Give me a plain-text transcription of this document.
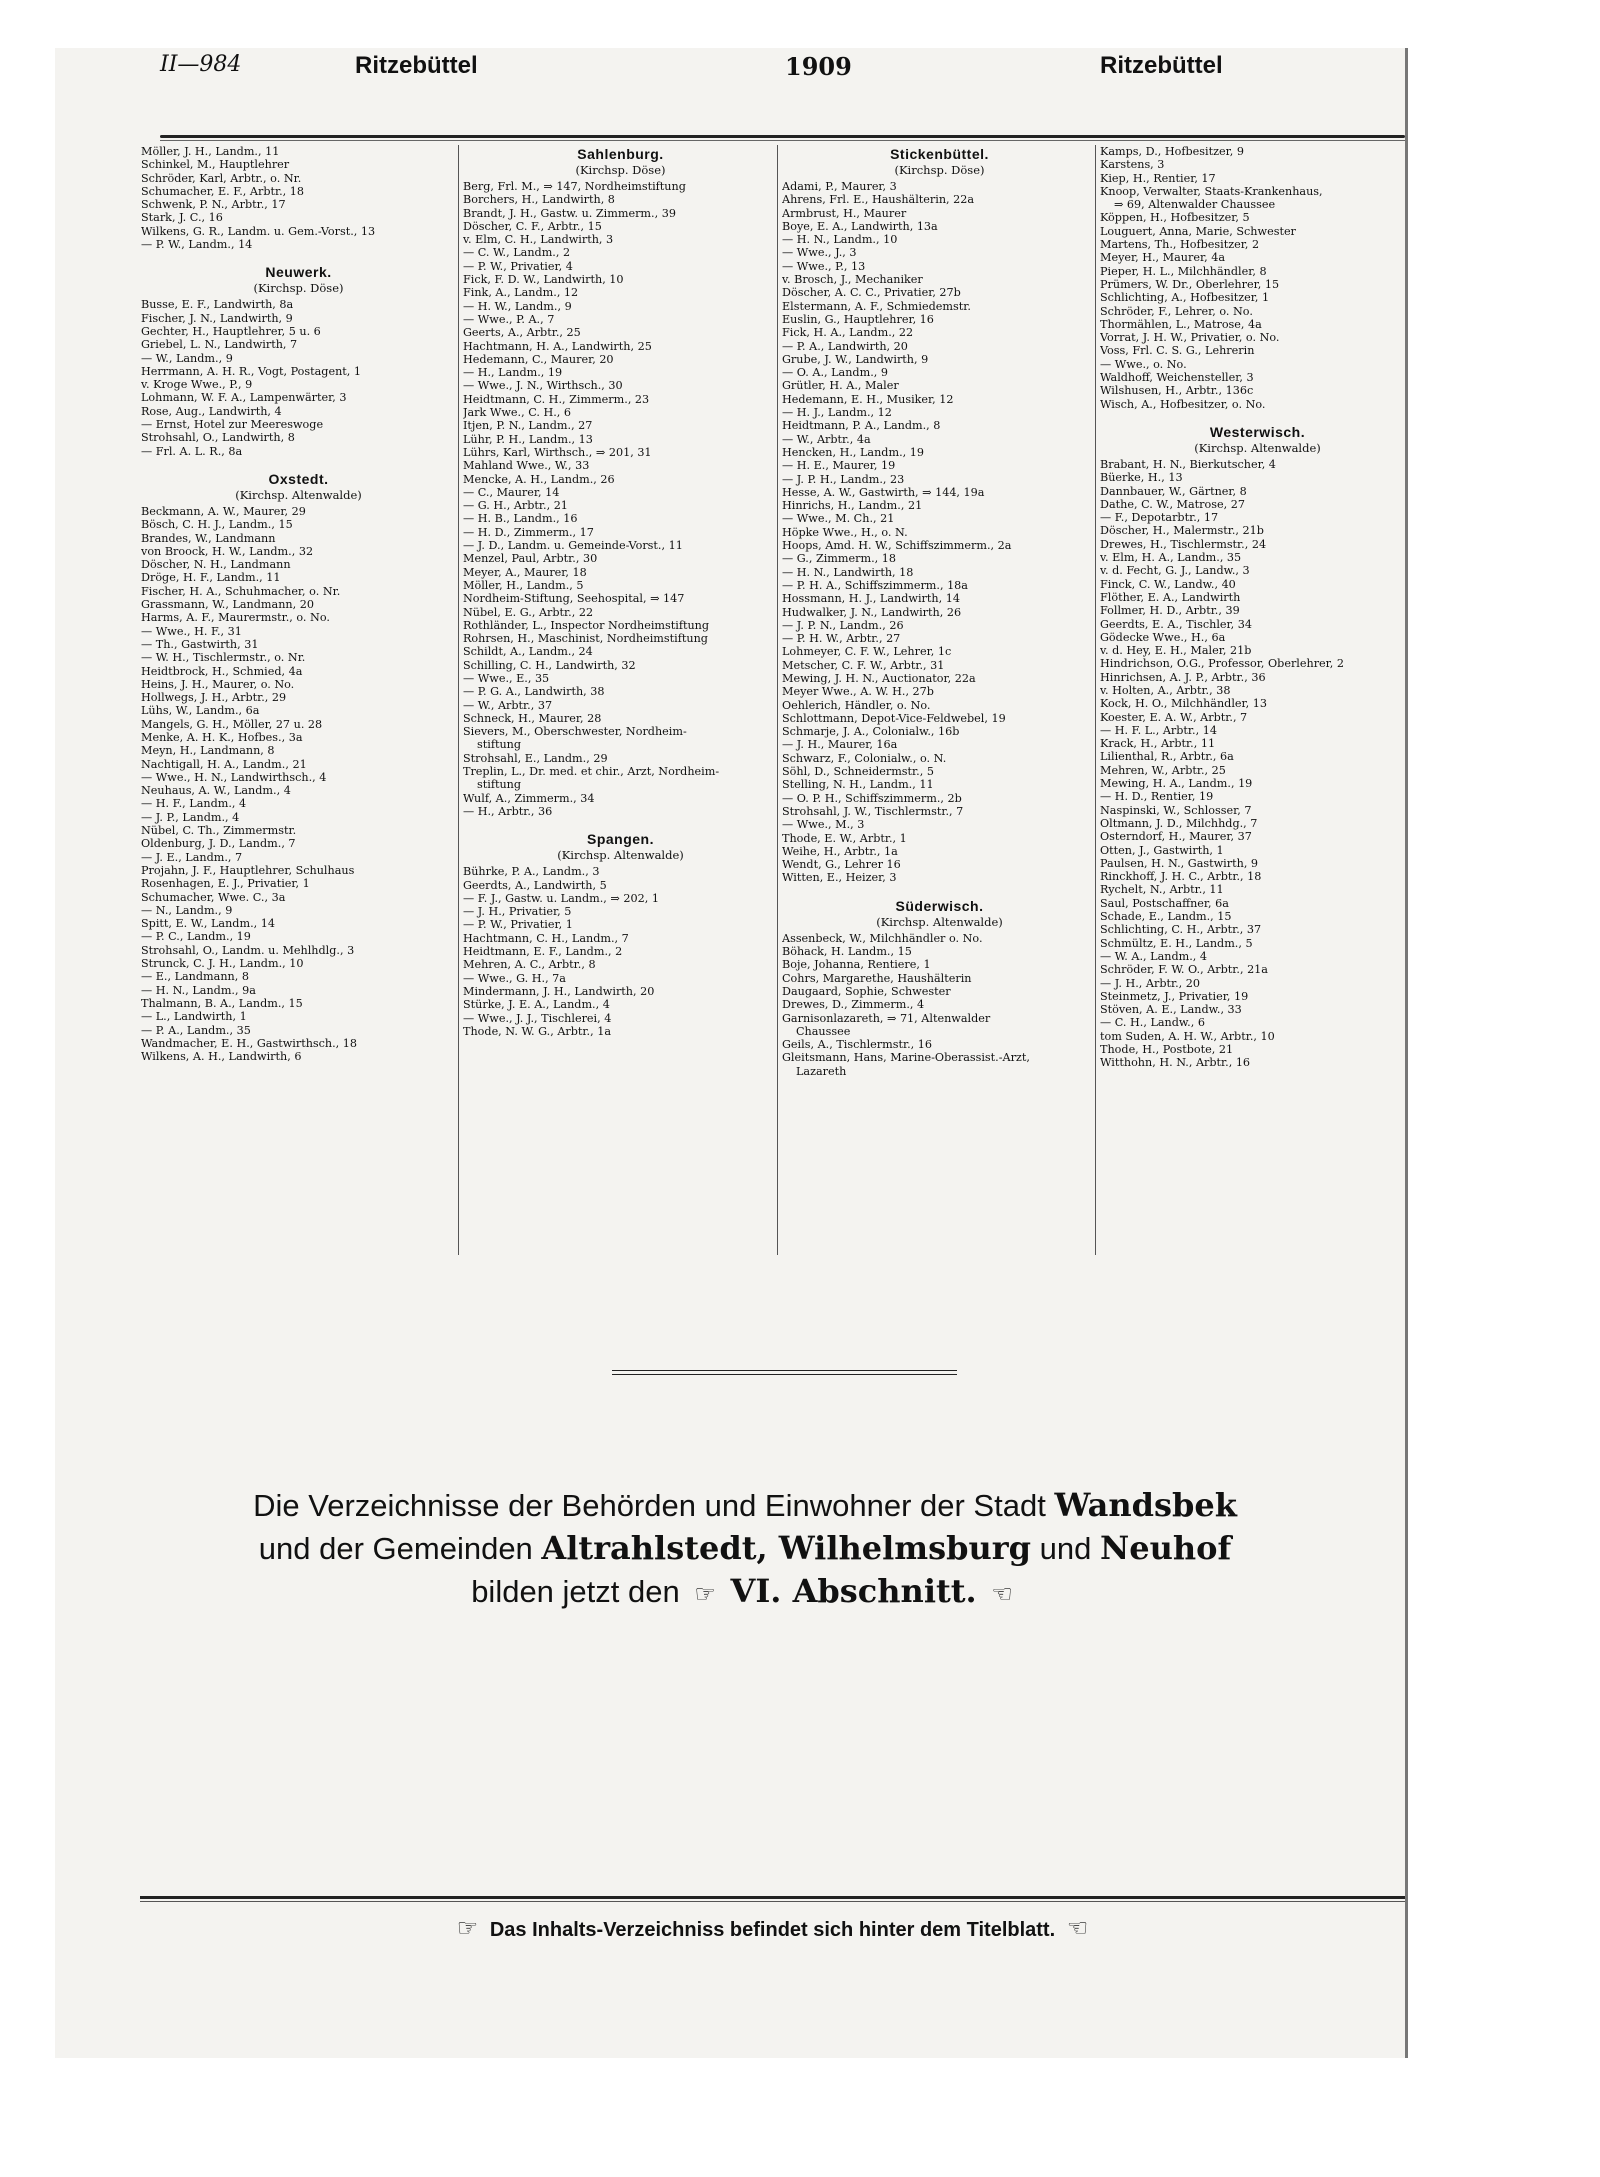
II—984	Ritzebüttel	1909	Ritzebüttel
Möller, J. H., Landm., 11
Schinkel, M., Hauptlehrer
Schröder, Karl, Arbtr., o. Nr.
Schumacher, E. F., Arbtr., 18
Schwenk, P. N., Arbtr., 17
Stark, J. C., 16
Wilkens, G. R., Landm. u. Gem.-Vorst., 13
— P. W., Landm., 14
Neuwerk.
(Kirchsp. Döse)
Busse, E. F., Landwirth, 8a
Fischer, J. N., Landwirth, 9
Gechter, H., Hauptlehrer, 5 u. 6
Griebel, L. N., Landwirth, 7
— W., Landm., 9
Herrmann, A. H. R., Vogt, Postagent, 1
v. Kroge Wwe., P., 9
Lohmann, W. F. A., Lampenwärter, 3
Rose, Aug., Landwirth, 4
— Ernst, Hotel zur Meereswoge
Strohsahl, O., Landwirth, 8
— Frl. A. L. R., 8a
Oxstedt.
(Kirchsp. Altenwalde)
Beckmann, A. W., Maurer, 29
Bösch, C. H. J., Landm., 15
Brandes, W., Landmann
von Broock, H. W., Landm., 32
Döscher, N. H., Landmann
Dröge, H. F., Landm., 11
Fischer, H. A., Schuhmacher, o. Nr.
Grassmann, W., Landmann, 20
Harms, A. F., Maurermstr., o. No.
— Wwe., H. F., 31
— Th., Gastwirth, 31
— W. H., Tischlermstr., o. Nr.
Heidtbrock, H., Schmied, 4a
Heins, J. H., Maurer, o. No.
Hollwegs, J. H., Arbtr., 29
Lühs, W., Landm., 6a
Mangels, G. H., Möller, 27 u. 28
Menke, A. H. K., Hofbes., 3a
Meyn, H., Landmann, 8
Nachtigall, H. A., Landm., 21
— Wwe., H. N., Landwirthsch., 4
Neuhaus, A. W., Landm., 4
— H. F., Landm., 4
— J. P., Landm., 4
Nübel, C. Th., Zimmermstr.
Oldenburg, J. D., Landm., 7
— J. E., Landm., 7
Projahn, J. F., Hauptlehrer, Schulhaus
Rosenhagen, E. J., Privatier, 1
Schumacher, Wwe. C., 3a
— N., Landm., 9
Spitt, E. W., Landm., 14
— P. C., Landm., 19
Strohsahl, O., Landm. u. Mehlhdlg., 3
Strunck, C. J. H., Landm., 10
— E., Landmann, 8
— H. N., Landm., 9a
Thalmann, B. A., Landm., 15
— L., Landwirth, 1
— P. A., Landm., 35
Wandmacher, E. H., Gastwirthsch., 18
Wilkens, A. H., Landwirth, 6
Sahlenburg.
(Kirchsp. Döse)
Berg, Frl. M., ⇒ 147, Nordheimstiftung
Borchers, H., Landwirth, 8
Brandt, J. H., Gastw. u. Zimmerm., 39
Döscher, C. F., Arbtr., 15
v. Elm, C. H., Landwirth, 3
— C. W., Landm., 2
— P. W., Privatier, 4
Fick, F. D. W., Landwirth, 10
Fink, A., Landm., 12
— H. W., Landm., 9
— Wwe., P. A., 7
Geerts, A., Arbtr., 25
Hachtmann, H. A., Landwirth, 25
Hedemann, C., Maurer, 20
— H., Landm., 19
— Wwe., J. N., Wirthsch., 30
Heidtmann, C. H., Zimmerm., 23
Jark Wwe., C. H., 6
Itjen, P. N., Landm., 27
Lühr, P. H., Landm., 13
Lührs, Karl, Wirthsch., ⇒ 201, 31
Mahland Wwe., W., 33
Mencke, A. H., Landm., 26
— C., Maurer, 14
— G. H., Arbtr., 21
— H. B., Landm., 16
— H. D., Zimmerm., 17
— J. D., Landm. u. Gemeinde-Vorst., 11
Menzel, Paul, Arbtr., 30
Meyer, A., Maurer, 18
Möller, H., Landm., 5
Nordheim-Stiftung, Seehospital, ⇒ 147
Nübel, E. G., Arbtr., 22
Rothländer, L., Inspector Nordheimstiftung
Rohrsen, H., Maschinist, Nordheimstiftung
Schildt, A., Landm., 24
Schilling, C. H., Landwirth, 32
— Wwe., E., 35
— P. G. A., Landwirth, 38
— W., Arbtr., 37
Schneck, H., Maurer, 28
Sievers, M., Oberschwester, Nordheim-
stiftung
Strohsahl, E., Landm., 29
Treplin, L., Dr. med. et chir., Arzt, Nordheim-
stiftung
Wulf, A., Zimmerm., 34
— H., Arbtr., 36
Spangen.
(Kirchsp. Altenwalde)
Bührke, P. A., Landm., 3
Geerdts, A., Landwirth, 5
— F. J., Gastw. u. Landm., ⇒ 202, 1
— J. H., Privatier, 5
— P. W., Privatier, 1
Hachtmann, C. H., Landm., 7
Heidtmann, E. F., Landm., 2
Mehren, A. C., Arbtr., 8
— Wwe., G. H., 7a
Mindermann, J. H., Landwirth, 20
Stürke, J. E. A., Landm., 4
— Wwe., J. J., Tischlerei, 4
Thode, N. W. G., Arbtr., 1a
Stickenbüttel.
(Kirchsp. Döse)
Adami, P., Maurer, 3
Ahrens, Frl. E., Haushälterin, 22a
Armbrust, H., Maurer
Boye, E. A., Landwirth, 13a
— H. N., Landm., 10
— Wwe., J., 3
— Wwe., P., 13
v. Brosch, J., Mechaniker
Döscher, A. C. C., Privatier, 27b
Elstermann, A. F., Schmiedemstr.
Euslin, G., Hauptlehrer, 16
Fick, H. A., Landm., 22
— P. A., Landwirth, 20
Grube, J. W., Landwirth, 9
— O. A., Landm., 9
Grütler, H. A., Maler
Hedemann, E. H., Musiker, 12
— H. J., Landm., 12
Heidtmann, P. A., Landm., 8
— W., Arbtr., 4a
Hencken, H., Landm., 19
— H. E., Maurer, 19
— J. P. H., Landm., 23
Hesse, A. W., Gastwirth, ⇒ 144, 19a
Hinrichs, H., Landm., 21
— Wwe., M. Ch., 21
Höpke Wwe., H., o. N.
Hoops, Amd. H. W., Schiffszimmerm., 2a
— G., Zimmerm., 18
— H. N., Landwirth, 18
— P. H. A., Schiffszimmerm., 18a
Hossmann, H. J., Landwirth, 14
Hudwalker, J. N., Landwirth, 26
— J. P. N., Landm., 26
— P. H. W., Arbtr., 27
Lohmeyer, C. F. W., Lehrer, 1c
Metscher, C. F. W., Arbtr., 31
Mewing, J. H. N., Auctionator, 22a
Meyer Wwe., A. W. H., 27b
Oehlerich, Händler, o. No.
Schlottmann, Depot-Vice-Feldwebel, 19
Schmarje, J. A., Colonialw., 16b
— J. H., Maurer, 16a
Schwarz, F., Colonialw., o. N.
Söhl, D., Schneidermstr., 5
Stelling, N. H., Landm., 11
— O. P. H., Schiffszimmerm., 2b
Strohsahl, J. W., Tischlermstr., 7
— Wwe., M., 3
Thode, E. W., Arbtr., 1
Weihe, H., Arbtr., 1a
Wendt, G., Lehrer 16
Witten, E., Heizer, 3
Süderwisch.
(Kirchsp. Altenwalde)
Assenbeck, W., Milchhändler o. No.
Böhack, H. Landm., 15
Boje, Johanna, Rentiere, 1
Cohrs, Margarethe, Haushälterin
Daugaard, Sophie, Schwester
Drewes, D., Zimmerm., 4
Garnisonlazareth, ⇒ 71, Altenwalder
Chaussee
Geils, A., Tischlermstr., 16
Gleitsmann, Hans, Marine-Oberassist.-Arzt,
Lazareth
Kamps, D., Hofbesitzer, 9
Karstens, 3
Kiep, H., Rentier, 17
Knoop, Verwalter, Staats-Krankenhaus,
⇒ 69, Altenwalder Chaussee
Köppen, H., Hofbesitzer, 5
Louguert, Anna, Marie, Schwester
Martens, Th., Hofbesitzer, 2
Meyer, H., Maurer, 4a
Pieper, H. L., Milchhändler, 8
Prümers, W. Dr., Oberlehrer, 15
Schlichting, A., Hofbesitzer, 1
Schröder, F., Lehrer, o. No.
Thormählen, L., Matrose, 4a
Vorrat, J. H. W., Privatier, o. No.
Voss, Frl. C. S. G., Lehrerin
— Wwe., o. No.
Waldhoff, Weichensteller, 3
Wilshusen, H., Arbtr., 136c
Wisch, A., Hofbesitzer, o. No.
Westerwisch.
(Kirchsp. Altenwalde)
Brabant, H. N., Bierkutscher, 4
Büerke, H., 13
Dannbauer, W., Gärtner, 8
Dathe, C. W., Matrose, 27
— F., Depotarbtr., 17
Döscher, H., Malermstr., 21b
Drewes, H., Tischlermstr., 24
v. Elm, H. A., Landm., 35
v. d. Fecht, G. J., Landw., 3
Finck, C. W., Landw., 40
Flöther, E. A., Landwirth
Follmer, H. D., Arbtr., 39
Geerdts, E. A., Tischler, 34
Gödecke Wwe., H., 6a
v. d. Hey, E. H., Maler, 21b
Hindrichson, O.G., Professor, Oberlehrer, 2
Hinrichsen, A. J. P., Arbtr., 36
v. Holten, A., Arbtr., 38
Kock, H. O., Milchhändler, 13
Koester, E. A. W., Arbtr., 7
— H. F. L., Arbtr., 14
Krack, H., Arbtr., 11
Lilienthal, R., Arbtr., 6a
Mehren, W., Arbtr., 25
Mewing, H. A., Landm., 19
— H. D., Rentier, 19
Naspinski, W., Schlosser, 7
Oltmann, J. D., Milchhdg., 7
Osterndorf, H., Maurer, 37
Otten, J., Gastwirth, 1
Paulsen, H. N., Gastwirth, 9
Rinckhoff, J. H. C., Arbtr., 18
Rychelt, N., Arbtr., 11
Saul, Postschaffner, 6a
Schade, E., Landm., 15
Schlichting, C. H., Arbtr., 37
Schmültz, E. H., Landm., 5
— W. A., Landm., 4
Schröder, F. W. O., Arbtr., 21a
— J. H., Arbtr., 20
Steinmetz, J., Privatier, 19
Stöven, A. E., Landw., 33
— C. H., Landw., 6
tom Suden, A. H. W., Arbtr., 10
Thode, H., Postbote, 21
Witthohn, H. N., Arbtr., 16
Die Verzeichnisse der Behörden und Einwohner der Stadt Wandsbek
und der Gemeinden Altrahlstedt, Wilhelmsburg und Neuhof
bilden jetzt den ☞ VI. Abschnitt. ☜
☞ Das Inhalts-Verzeichniss befindet sich hinter dem Titelblatt. ☜
